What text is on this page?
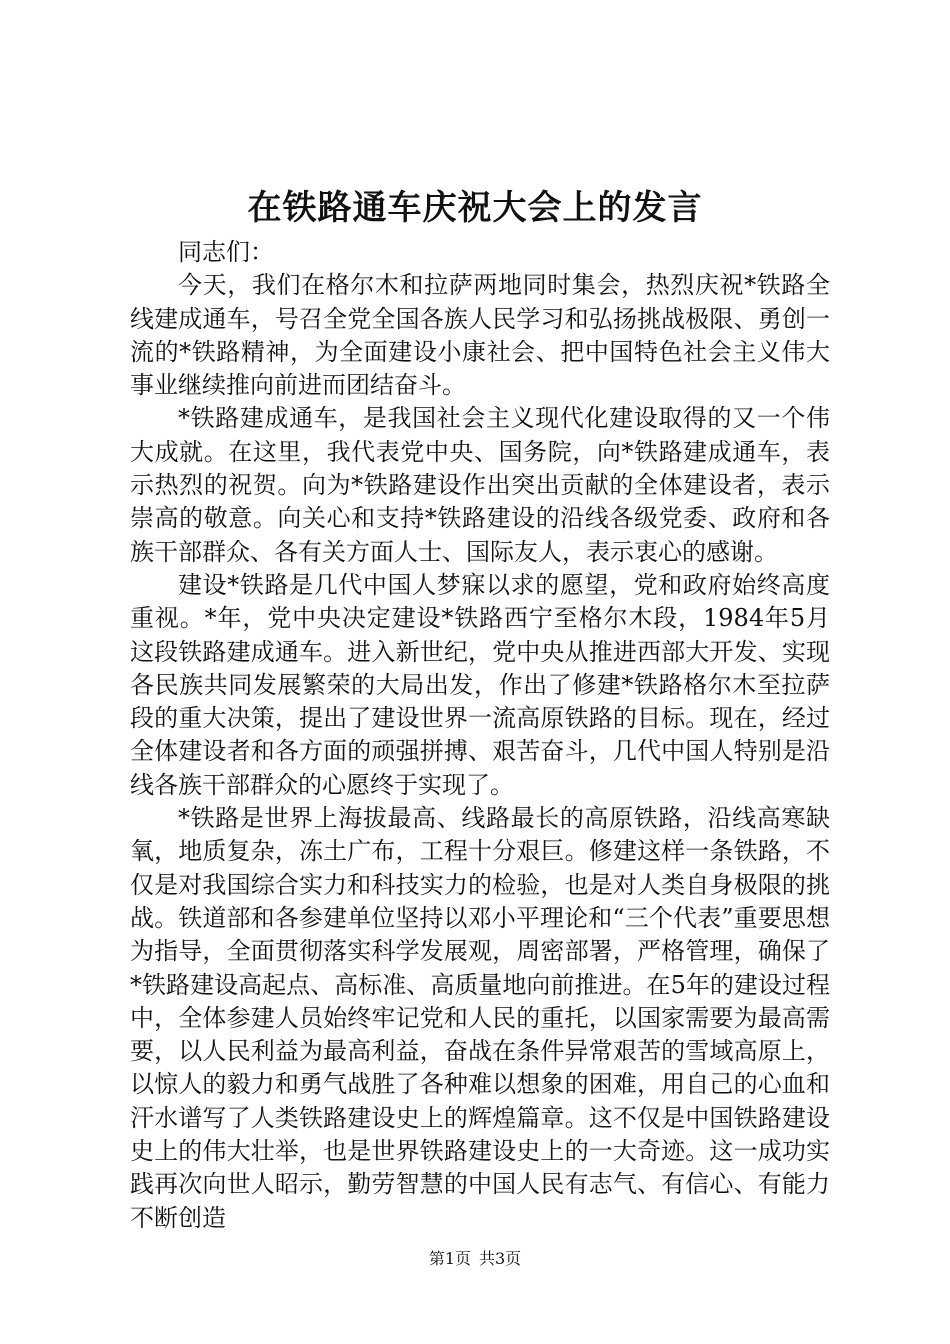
在铁路通车庆祝大会上的发言

同志们：

今天，我们在格尔木和拉萨两地同时集会，热烈庆祝*铁路全线建成通车，号召全党全国各族人民学习和弘扬挑战极限、勇创一流的*铁路精神，为全面建设小康社会、把中国特色社会主义伟大事业继续推向前进而团结奋斗。

*铁路建成通车，是我国社会主义现代化建设取得的又一个伟大成就。在这里，我代表党中央、国务院，向*铁路建成通车，表示热烈的祝贺。向为*铁路建设作出突出贡献的全体建设者，表示崇高的敬意。向关心和支持*铁路建设的沿线各级党委、政府和各族干部群众、各有关方面人士、国际友人，表示衷心的感谢。

建设*铁路是几代中国人梦寐以求的愿望，党和政府始终高度重视。*年，党中央决定建设*铁路西宁至格尔木段，1984年5月这段铁路建成通车。进入新世纪，党中央从推进西部大开发、实现各民族共同发展繁荣的大局出发，作出了修建*铁路格尔木至拉萨段的重大决策，提出了建设世界一流高原铁路的目标。现在，经过全体建设者和各方面的顽强拼搏、艰苦奋斗，几代中国人特别是沿线各族干部群众的心愿终于实现了。

*铁路是世界上海拔最高、线路最长的高原铁路，沿线高寒缺氧，地质复杂，冻土广布，工程十分艰巨。修建这样一条铁路，不仅是对我国综合实力和科技实力的检验，也是对人类自身极限的挑战。铁道部和各参建单位坚持以邓小平理论和“三个代表”重要思想为指导，全面贯彻落实科学发展观，周密部署，严格管理，确保了*铁路建设高起点、高标准、高质量地向前推进。在5年的建设过程中，全体参建人员始终牢记党和人民的重托，以国家需要为最高需要，以人民利益为最高利益，奋战在条件异常艰苦的雪域高原上，以惊人的毅力和勇气战胜了各种难以想象的困难，用自己的心血和汗水谱写了人类铁路建设史上的辉煌篇章。这不仅是中国铁路建设史上的伟大壮举，也是世界铁路建设史上的一大奇迹。这一成功实践再次向世人昭示，勤劳智慧的中国人民有志气、有信心、有能力不断创造

第1页 共3页
